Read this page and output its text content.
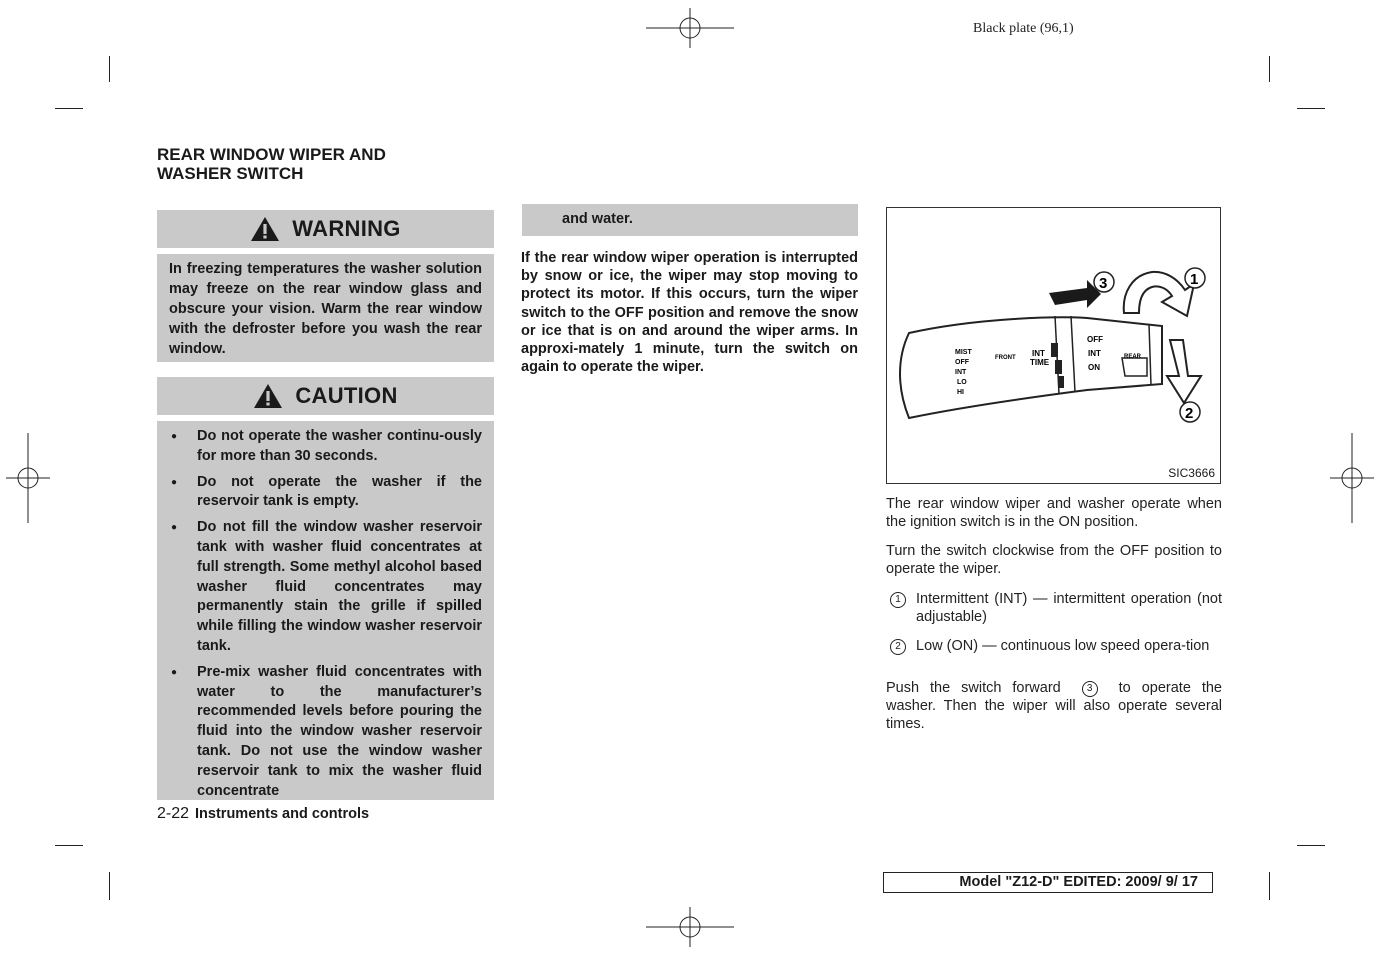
Black plate (96,1)
REAR WINDOW WIPER AND
WASHER SWITCH
WARNING

In freezing temperatures the washer solution may freeze on the rear window glass and obscure your vision. Warm the rear window with the defroster before you wash the rear window.

CAUTION
● Do not operate the washer continu-ously for more than 30 seconds.
● Do not operate the washer if the reservoir tank is empty.
● Do not fill the window washer reservoir tank with washer fluid concentrates at full strength. Some methyl alcohol based washer fluid concentrates may permanently stain the grille if spilled while filling the window washer reservoir tank.
● Pre-mix washer fluid concentrates with water to the manufacturer’s recommended levels before pouring the fluid into the window washer reservoir tank. Do not use the window washer reservoir tank to mix the washer fluid concentrate
and water.

If the rear window wiper operation is interrupted by snow or ice, the wiper may stop moving to protect its motor. If this occurs, turn the wiper switch to the OFF position and remove the snow or ice that is on and around the wiper arms. In approxi-mately 1 minute, turn the switch on again to operate the wiper.

MIST
OFF
INT
LO
HI
FRONT INT
TIME
OFF
INT
ON
REAR
3	1
2
SIC3666

The rear window wiper and washer operate when the ignition switch is in the ON position.

Turn the switch clockwise from the OFF position to operate the wiper.

1	Intermittent (INT) — intermittent operation (not adjustable)
2	Low (ON) — continuous low speed opera-tion

Push the switch forward	3 to operate the washer. Then the wiper will also operate several times.

2-22 Instruments and controls
Model "Z12-D" EDITED: 2009/ 9/ 17
